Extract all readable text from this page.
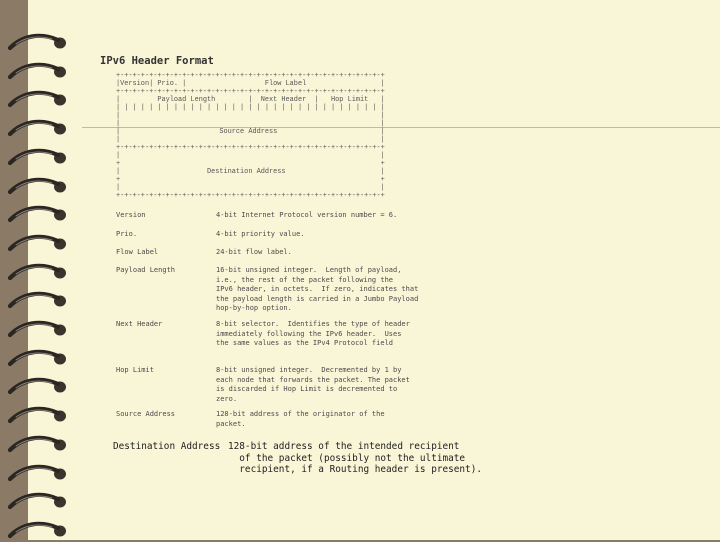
IPv6 Header Format
+-+-+-+-+-+-+-+-+-+-+-+-+-+-+-+-+-+-+-+-+-+-+-+-+-+-+-+-+-+-+-+-+
|Version| Prio. |                   Flow Label                  |
+-+-+-+-+-+-+-+-+-+-+-+-+-+-+-+-+-+-+-+-+-+-+-+-+-+-+-+-+-+-+-+-+
|         Payload Length        |  Next Header  |   Hop Limit   |
| | | | | | | | | | | | | | | | | | | | | | | | | | | | | | | | |
|                                                               |
|                                                               |
|                        Source Address                         |
|                                                               |
+-+-+-+-+-+-+-+-+-+-+-+-+-+-+-+-+-+-+-+-+-+-+-+-+-+-+-+-+-+-+-+-+
|                                                               |
+                                                               +
|                     Destination Address                       |
+                                                               +
|                                                               |
+-+-+-+-+-+-+-+-+-+-+-+-+-+-+-+-+-+-+-+-+-+-+-+-+-+-+-+-+-+-+-+-+
Version	4-bit Internet Protocol version number = 6.
Prio.	4-bit priority value.
Flow Label	24-bit flow label.
Payload Length	16-bit unsigned integer.  Length of payload,
i.e., the rest of the packet following the
IPv6 header, in octets.  If zero, indicates that
the payload length is carried in a Jumbo Payload
hop-by-hop option.
Next Header	8-bit selector.  Identifies the type of header
immediately following the IPv6 header.  Uses
the same values as the IPv4 Protocol field
Hop Limit	8-bit unsigned integer.  Decremented by 1 by
each node that forwards the packet. The packet
is discarded if Hop Limit is decremented to
zero.
Source Address	128-bit address of the originator of the
packet.
Destination Address 128-bit address of the intended recipient
of the packet (possibly not the ultimate
recipient, if a Routing header is present).
